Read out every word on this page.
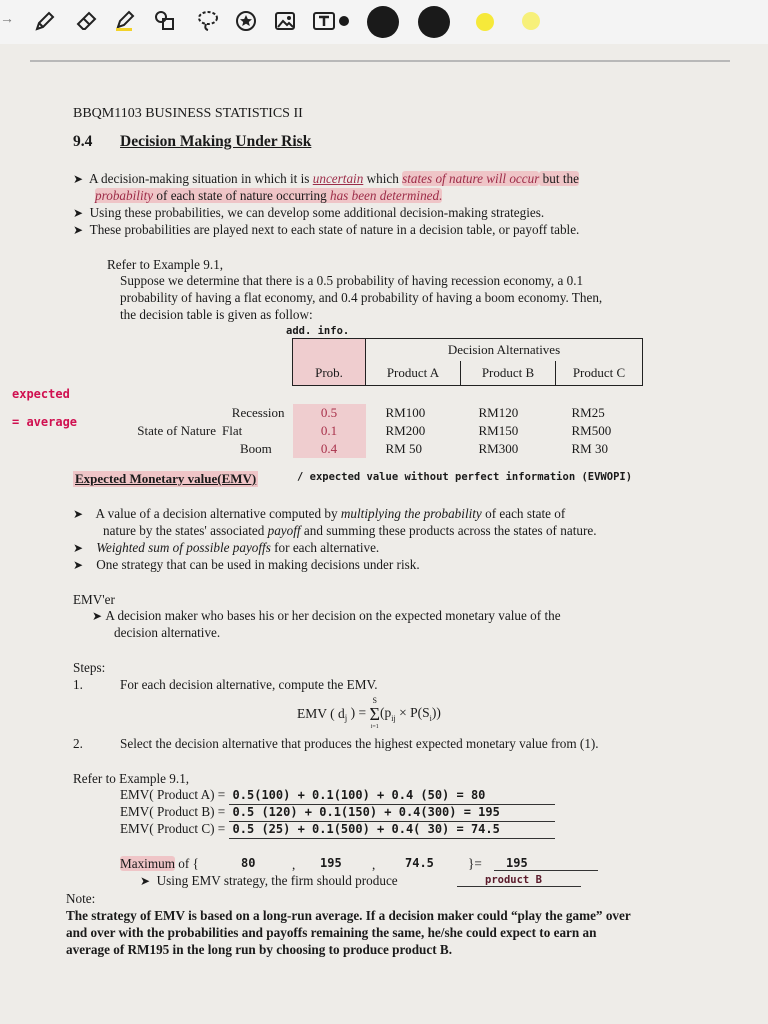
→
BBQM1103 BUSINESS STATISTICS II
9.4 Decision Making Under Risk
➤ A decision-making situation in which it is uncertain which states of nature will occur but the
probability of each state of nature occurring has been determined.
➤ Using these probabilities, we can develop some additional decision-making strategies.
➤ These probabilities are played next to each state of nature in a decision table, or payoff table.
Refer to Example 9.1,
Suppose we determine that there is a 0.5 probability of having recession economy, a 0.1
probability of having a flat economy, and 0.4 probability of having a boom economy. Then,
the decision table is given as follow:
add. info.
			Decision Alternatives		
		Prob.	Product A	Product B	Product C

	Recession	0.5	RM100	RM120	RM25
State of Nature	Flat	0.1	RM200	RM150	RM500
	Boom	0.4	RM 50	RM300	RM 30
expected
= average
Expected Monetary value(EMV)	/ expected value without perfect information (EVWOPI)
➤ A value of a decision alternative computed by multiplying the probability of each state of
nature by the states' associated payoff and summing these products across the states of nature.
➤ Weighted sum of possible payoffs for each alternative.
➤ One strategy that can be used in making decisions under risk.
EMV'er
➤ A decision maker who bases his or her decision on the expected monetary value of the
decision alternative.
Steps:
1.	For each decision alternative, compute the EMV.
EMV ( $d_j$ ) =
S
Σ
i=1
$(p_{ij} \times P(S_i))$
2.	Select the decision alternative that produces the highest expected monetary value from (1).
Refer to Example 9.1,
EMV( Product A) = 0.5(100) + 0.1(100) + 0.4 (50) = 80
EMV( Product B) = 0.5 (120) + 0.1(150) + 0.4(300) = 195
EMV( Product C) = 0.5 (25) + 0.1(500) + 0.4( 30) = 74.5
Maximum of {	80	, 195 , 74.5	}=	195
➤ Using EMV strategy, the firm should produce	product B
Note:
The strategy of EMV is based on a long-run average. If a decision maker could “play the game” over
and over with the probabilities and payoffs remaining the same, he/she could expect to earn an
average of RM195 in the long run by choosing to produce product B.
